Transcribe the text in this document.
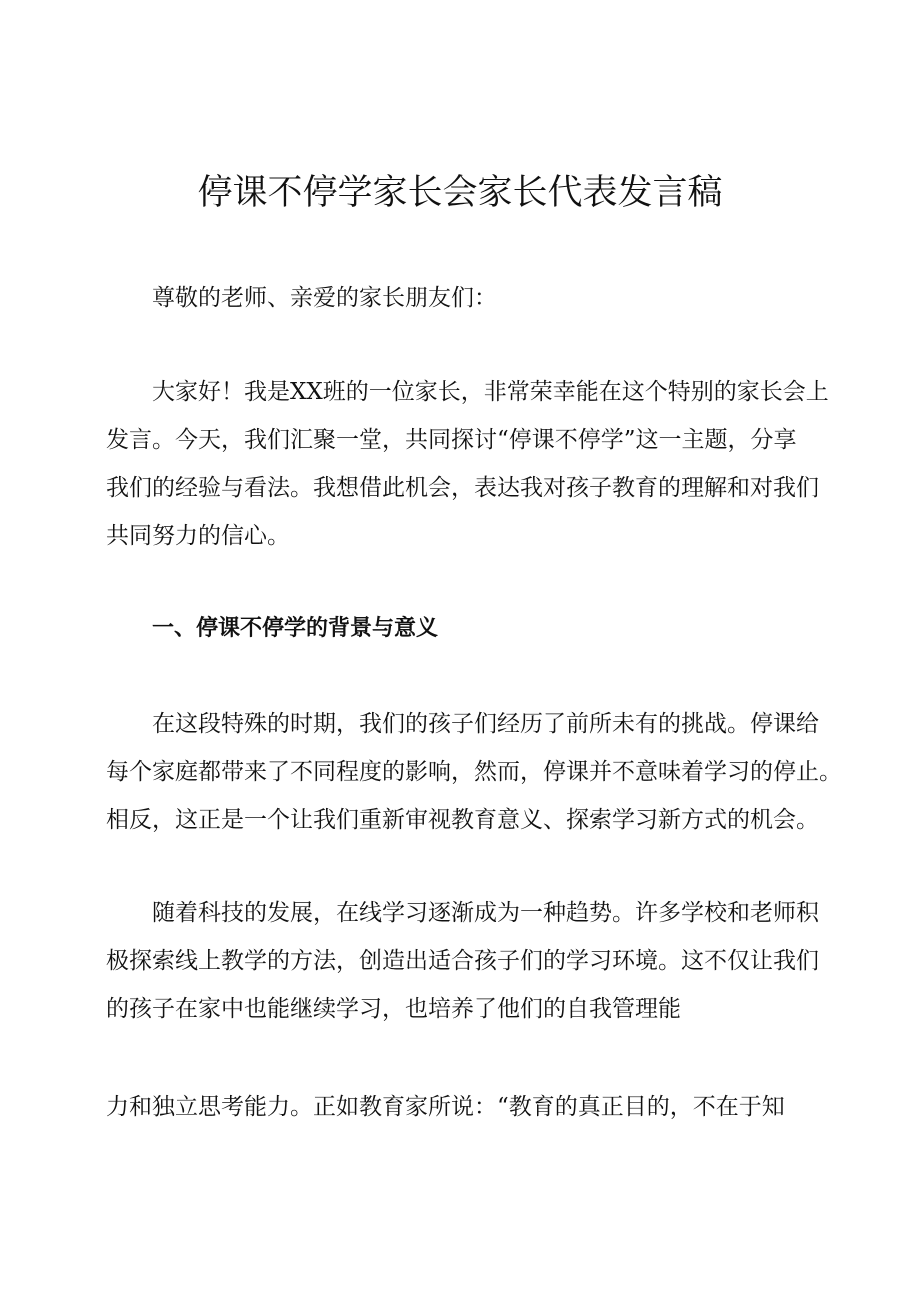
停课不停学家长会家长代表发言稿

尊敬的老师、亲爱的家长朋友们：

大家好！我是XX班的一位家长，非常荣幸能在这个特别的家长会上
发言。今天，我们汇聚一堂，共同探讨“停课不停学”这一主题，分享
我们的经验与看法。我想借此机会，表达我对孩子教育的理解和对我们
共同努力的信心。

一、停课不停学的背景与意义

在这段特殊的时期，我们的孩子们经历了前所未有的挑战。停课给
每个家庭都带来了不同程度的影响，然而，停课并不意味着学习的停止。
相反，这正是一个让我们重新审视教育意义、探索学习新方式的机会。
随着科技的发展，在线学习逐渐成为一种趋势。许多学校和老师积
极探索线上教学的方法，创造出适合孩子们的学习环境。这不仅让我们
的孩子在家中也能继续学习，也培养了他们的自我管理能
力和独立思考能力。正如教育家所说：“教育的真正目的，不在于知
